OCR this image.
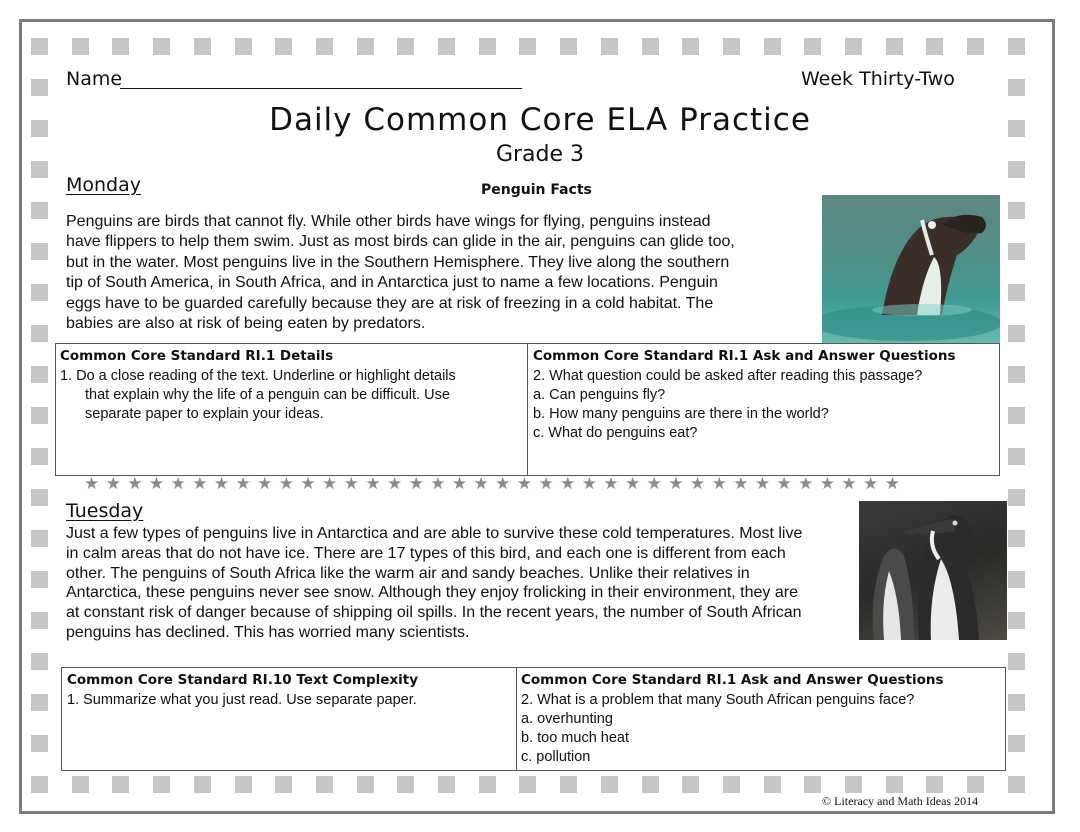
Name	Week Thirty-Two
Daily Common Core ELA Practice
Grade 3
Monday	Penguin Facts
Penguins are birds that cannot fly. While other birds have wings for flying, penguins instead
have flippers to help them swim. Just as most birds can glide in the air, penguins can glide too,
but in the water. Most penguins live in the Southern Hemisphere. They live along the southern
tip of South America, in South Africa, and in Antarctica just to name a few locations. Penguin
eggs have to be guarded carefully because they are at risk of freezing in a cold habitat. The
babies are also at risk of being eaten by predators.
Common Core Standard RI.1 Details
1. Do a close reading of the text. Underline or highlight details
that explain why the life of a penguin can be difficult. Use
separate paper to explain your ideas.
Common Core Standard RI.1 Ask and Answer Questions
2. What question could be asked after reading this passage?
a. Can penguins fly?
b. How many penguins are there in the world?
c. What do penguins eat?
★★★★★★★★★★★★★★★★★★★★★★★★★★★★★★★★★★★★★★
Tuesday
Just a few types of penguins live in Antarctica and are able to survive these cold temperatures. Most live
in calm areas that do not have ice. There are 17 types of this bird, and each one is different from each
other. The penguins of South Africa like the warm air and sandy beaches. Unlike their relatives in
Antarctica, these penguins never see snow. Although they enjoy frolicking in their environment, they are
at constant risk of danger because of shipping oil spills. In the recent years, the number of South African
penguins has declined. This has worried many scientists.
Common Core Standard RI.10 Text Complexity
1. Summarize what you just read. Use separate paper.
Common Core Standard RI.1 Ask and Answer Questions
2. What is a problem that many South African penguins face?
a. overhunting
b. too much heat
c. pollution
© Literacy and Math Ideas 2014
